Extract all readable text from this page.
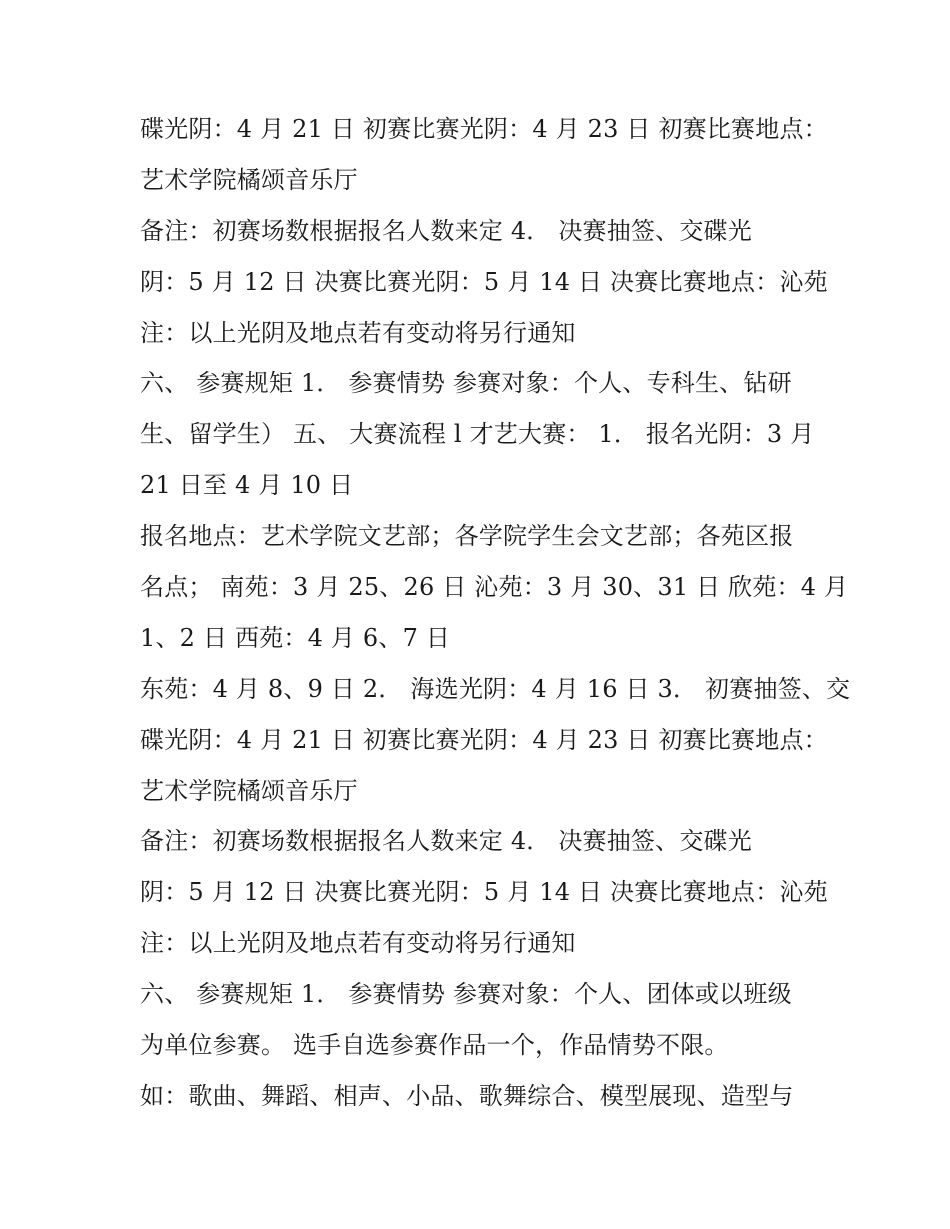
碟光阴：4 月 21 日 初赛比赛光阴：4 月 23 日 初赛比赛地点：
艺术学院橘颂音乐厅
备注：初赛场数根据报名人数来定 4． 决赛抽签、交碟光
阴：5 月 12 日 决赛比赛光阴：5 月 14 日 决赛比赛地点：沁苑
注：以上光阴及地点若有变动将另行通知
六、 参赛规矩 1． 参赛情势 参赛对象：个人、专科生、钻研
生、留学生） 五、 大赛流程 l 才艺大赛： 1． 报名光阴：3 月
21 日至 4 月 10 日
报名地点：艺术学院文艺部；各学院学生会文艺部；各苑区报
名点； 南苑：3 月 25、26 日 沁苑：3 月 30、31 日 欣苑：4 月
1、2 日 西苑：4 月 6、7 日
东苑：4 月 8、9 日 2． 海选光阴：4 月 16 日 3． 初赛抽签、交
碟光阴：4 月 21 日 初赛比赛光阴：4 月 23 日 初赛比赛地点：
艺术学院橘颂音乐厅
备注：初赛场数根据报名人数来定 4． 决赛抽签、交碟光
阴：5 月 12 日 决赛比赛光阴：5 月 14 日 决赛比赛地点：沁苑
注：以上光阴及地点若有变动将另行通知
六、 参赛规矩 1． 参赛情势 参赛对象：个人、团体或以班级
为单位参赛。 选手自选参赛作品一个，作品情势不限。
如：歌曲、舞蹈、相声、小品、歌舞综合、模型展现、造型与
